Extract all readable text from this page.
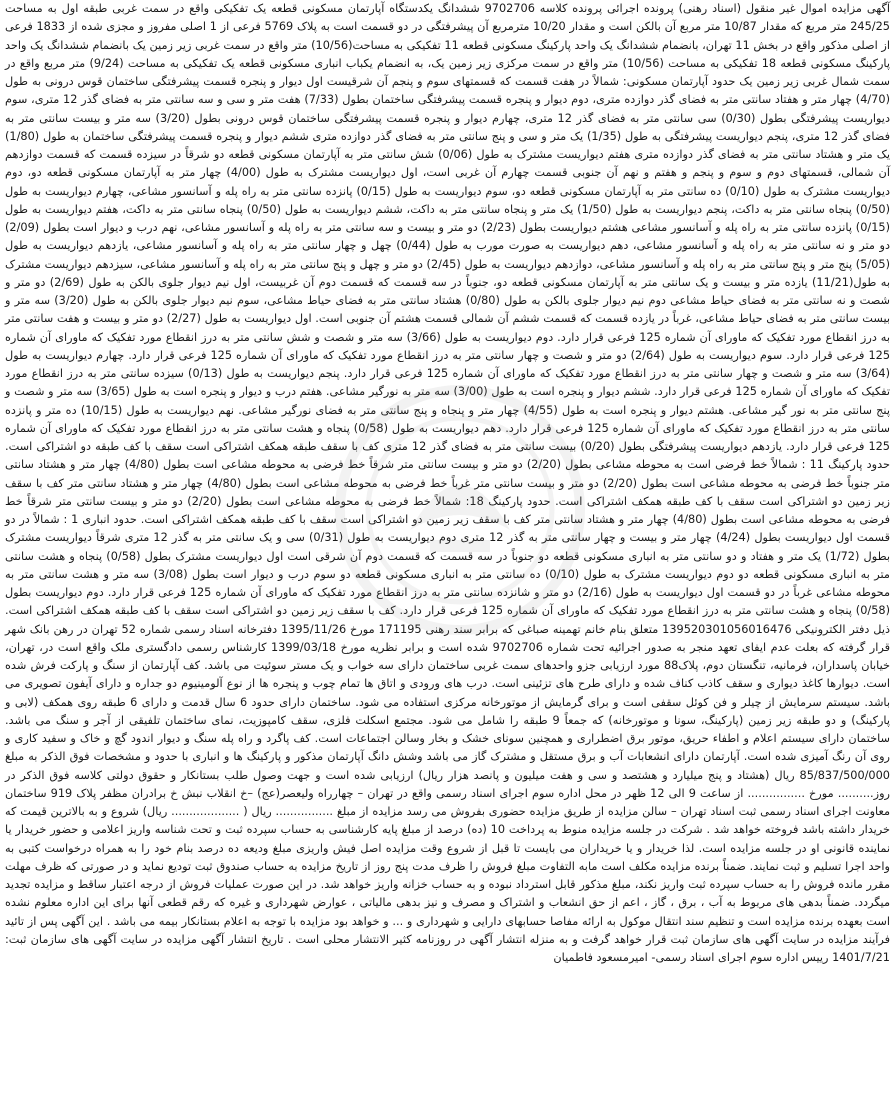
آگهی مزایده اموال غیر منقول (اسناد رهنی) پرونده اجرائی پرونده کلاسه 9702706 ششدانگ یکدستگاه آپارتمان مسکونی قطعه یک تفکیکی واقع در سمت غربی طبقه اول به مساحت 245/25 متر مربع که مقدار 10/87 متر مربع آن بالکن است و مقدار 10/20 مترمربع آن پیشرفتگی در دو قسمت است به پلاک 5769 فرعی از 1 اصلی مفروز و مجزی شده از 1833 فرعی از اصلی مذکور واقع در بخش 11 تهران، بانضمام ششدانگ یک واحد پارکینگ مسکونی قطعه 11 تفکیکی به مساحت(10/56) متر واقع در سمت غربی زیر زمین یک بانضمام ششدانگ یک واحد پارکینگ مسکونی قطعه 18 تفکیکی به مساحت (10/56) متر واقع در سمت مرکزی زیر زمین یک، به انضمام یکباب انباری مسکونی قطعه یک تفکیکی به مساحت (9/24) متر مربع واقع در سمت شمال غربی زیر زمین یک حدود آپارتمان مسکونی: شمالاً در هفت قسمت که قسمتهای سوم و پنجم آن شرقیست اول دیوار و پنجره قسمت پیشرفتگی ساختمان قوس درونی به طول (4/70) چهار متر و هفتاد سانتی متر به فضای گذر دوازده متری، دوم دیوار و پنجره قسمت پیشرفتگی ساختمان بطول (7/33) هفت متر و سی و سه سانتی متر به فضای گذر 12 متری، سوم دیواریست پیشرفتگی بطول (0/30) سی سانتی متر به فضای گذر 12 متری، چهارم دیوار و پنجره قسمت پیشرفتگی ساختمان قوس درونی بطول (3/20) سه متر و بیست سانتی متر به فضای گذر 12 متری، پنجم دیواریست پیشرفتگی به طول (1/35) یک متر و سی و پنج سانتی متر به فضای گذر دوازده متری ششم دیوار و پنجره قسمت پیشرفتگی ساختمان به طول (1/80) یک متر و هشتاد سانتی متر به فضای گذر دوازده متری هفتم دیواریست مشترک به طول (0/06) شش سانتی متر به آپارتمان مسکونی قطعه دو شرقاً در سیزده قسمت که قسمت دوازدهم آن شمالی، قسمتهای دوم و سوم و پنجم و هفتم و نهم آن جنوبی قسمت چهارم آن غربی است، اول دیواریست مشترک به طول (4/00) چهار متر به آپارتمان مسکونی قطعه دو، دوم دیواریست مشترک به طول (0/10) ده سانتی متر به آپارتمان مسکونی قطعه دو، سوم دیواریست به طول (0/15) پانزده سانتی متر به راه پله و آسانسور مشاعی، چهارم دیواریست به طول (0/50) پنجاه سانتی متر به داکت، پنجم دیواریست به طول (1/50) یک متر و پنجاه سانتی متر به داکت، ششم دیواریست به طول (0/50) پنجاه سانتی متر به داکت، هفتم دیواریست به طول (0/15) پانزده سانتی متر به راه پله و آسانسور مشاعی هشتم دیواریست بطول (2/23) دو متر و بیست و سه سانتی متر به راه پله و آسانسور مشاعی، نهم درب و دیوار است بطول (2/09) دو متر و نه سانتی متر به راه پله و آسانسور مشاعی، دهم دیواریست به صورت مورب به طول (0/44) چهل و چهار سانتی متر به راه پله و آسانسور مشاعی، یازدهم دیواریست به طول (5/05) پنج متر و پنج سانتی متر به راه پله و آسانسور مشاعی، دوازدهم دیواریست به طول (2/45) دو متر و چهل و پنج سانتی متر به راه پله و آسانسور مشاعی، سیزدهم دیواریست مشترک به طول(11/21) یازده متر و بیست و یک سانتی متر به آپارتمان مسکونی قطعه دو، جنوباً در سه قسمت که قسمت دوم آن غربیست، اول نیم دیوار جلوی بالکن به طول (2/69) دو متر و شصت و نه سانتی متر به فضای حیاط مشاعی دوم نیم دیوار جلوی بالکن به طول (0/80) هشتاد سانتی متر به فضای حیاط مشاعی، سوم نیم دیوار جلوی بالکن به طول (3/20) سه متر و بیست سانتی متر به فضای حیاط مشاعی، غرباً در یازده قسمت که قسمت ششم آن شمالی قسمت هشتم آن جنوبی است. اول دیواریست به طول (2/27) دو متر و بیست و هفت سانتی متر به درز انقطاع مورد تفکیک که ماورای آن شماره 125 فرعی قرار دارد. دوم دیواریست به طول (3/66) سه متر و شصت و شش سانتی متر به درز انقطاع مورد تفکیک که ماورای آن شماره 125 فرعی قرار دارد. سوم دیواریست به طول (2/64) دو متر و شصت و چهار سانتی متر به درز انقطاع مورد تفکیک که ماورای آن شماره 125 فرعی قرار دارد. چهارم دیواریست به طول (3/64) سه متر و شصت و چهار سانتی متر به درز انقطاع مورد تفکیک که ماورای آن شماره 125 فرعی قرار دارد. پنجم دیواریست به طول (0/13) سیزده سانتی متر به درز انقطاع مورد تفکیک که ماورای آن شماره 125 فرعی قرار دارد. ششم دیوار و پنجره است به طول (3/00) سه متر به نورگیر مشاعی. هفتم درب و دیوار و پنجره است به طول (3/65) سه متر و شصت و پنج سانتی متر به نور گیر مشاعی. هشتم دیوار و پنجره است به طول (4/55) چهار متر و پنجاه و پنج سانتی متر به فضای نورگیر مشاعی. نهم دیواریست به طول (10/15) ده متر و پانزده سانتی متر به درز انقطاع مورد تفکیک که ماورای آن شماره 125 فرعی قرار دارد. دهم دیواریست به طول (0/58) پنجاه و هشت سانتی متر به درز انقطاع مورد تفکیک که ماورای آن شماره 125 فرعی قرار دارد. یازدهم دیواریست پیشرفتگی بطول (0/20) بیست سانتی متر به فضای گذر 12 متری کف با سقف طبقه همکف اشتراکی است سقف با کف طبقه دو اشتراکی است. حدود پارکینگ 11 : شمالاً خط فرضی است به محوطه مشاعی بطول (2/20) دو متر و بیست سانتی متر شرقاً خط فرضی به محوطه مشاعی است بطول (4/80) چهار متر و هشتاد سانتی متر جنوباً خط فرضی به محوطه مشاعی است بطول (2/20) دو متر و بیست سانتی متر غرباً خط فرضی به محوطه مشاعی است بطول (4/80) چهار متر و هشتاد سانتی متر کف با سقف زیر زمین دو اشتراکی است سقف با کف طبقه همکف اشتراکی است. حدود پارکینگ 18: شمالاً خط فرضی به محوطه مشاعی است بطول (2/20) دو متر و بیست سانتی متر شرقاً خط فرضی به محوطه مشاعی است بطول (4/80) چهار متر و هشتاد سانتی متر کف با سقف زیر زمین دو اشتراکی است سقف با کف طبقه همکف اشتراکی است. حدود انباری 1 : شمالاً در دو قسمت اول دیواریست بطول (4/24) چهار متر و بیست و چهار سانتی متر به گذر 12 متری دوم دیواریست به طول (0/31) سی و یک سانتی متر به گذر 12 متری شرقاً دیواریست مشترک بطول (1/72) یک متر و هفتاد و دو سانتی متر به انباری مسکونی قطعه دو جنوباً در سه قسمت که قسمت دوم آن شرقی است اول دیواریست مشترک بطول (0/58) پنجاه و هشت سانتی متر به انباری مسکونی قطعه دو دوم دیواریست مشترک به طول (0/10) ده سانتی متر به انباری مسکونی قطعه دو سوم درب و دیوار است بطول (3/08) سه متر و هشت سانتی متر به محوطه مشاعی غرباً در دو قسمت اول دیواریست به طول (2/16) دو متر و شانزده سانتی متر به درز انقطاع مورد تفکیک که ماورای آن شماره 125 فرعی قرار دارد. دوم دیواریست بطول (0/58) پنجاه و هشت سانتی متر به درز انقطاع مورد تفکیک که ماورای آن شماره 125 فرعی قرار دارد. کف با سقف زیر زمین دو اشتراکی است سقف با کف طبقه همکف اشتراکی است. ذیل دفتر الکترونیکی 139520301056016476 متعلق بنام خانم تهمینه صباغی که برابر سند رهنی 171195 مورخ 1395/11/26 دفترخانه اسناد رسمی شماره 52 تهران در رهن بانک شهر قرار گرفته که بعلت عدم ایفای تعهد منجر به صدور اجرائیه تحت شماره 9702706 شده است و برابر نظریه مورخ 1399/03/18 کارشناس رسمی دادگستری ملک واقع است در، تهران، خیابان پاسداران، فرمانیه، تنگستان دوم، پلاک88 مورد ارزیابی جزو واحدهای سمت غربی ساختمان دارای سه خواب و یک مستر سوئیت می باشد. کف آپارتمان از سنگ و پارکت فرش شده است. دیوارها کاغذ دیواری و سقف کاذب کناف شده و دارای طرح های تزئینی است. درب های ورودی و اتاق ها تمام چوب و پنجره ها از نوع آلومینیوم دو جداره و دارای آیفون تصویری می باشد. سیستم سرمایش از چیلر و فن کوئل سقفی است و برای گرمایش از موتورخانه مرکزی استفاده می شود. ساختمان دارای حدود 6 سال قدمت و دارای 6 طبقه روی همکف (لابی و پارکینگ) و دو طبقه زیر زمین (پارکینگ، سونا و موتورخانه) که جمعاً 9 طبقه را شامل می شود. مجتمع اسکلت فلزی، سقف کامپوزیت، نمای ساختمان تلفیقی از آجر و سنگ می باشد. ساختمان دارای سیستم اعلام و اطفاء حریق، موتور برق اضطراری و همچنین سونای خشک و بخار وسالن اجتماعات است. کف پاگرد و راه پله سنگ و دیوار اندود گچ و خاک و سفید کاری و روی آن رنگ آمیزی شده است. آپارتمان دارای انشعابات آب و برق مستقل و مشترک گاز می باشد وشش دانگ آپارتمان مذکور و پارکینگ ها و انباری با حدود و مشخصات فوق الذکر به مبلغ 85/837/500/000 ریال (هشتاد و پنج میلیارد و هشتصد و سی و هفت میلیون و پانصد هزار ریال) ارزیابی شده است و جهت وصول طلب بستانکار و حقوق دولتی کلاسه فوق الذکر در روز.......... مورخ ................ از ساعت 9 الی 12 ظهر در محل اداره سوم اجرای اسناد رسمی واقع در تهران – چهارراه ولیعصر(عج) –خ انقلاب نبش خ برادران مظفر پلاک 919 ساختمان معاونت اجرای اسناد رسمی ثبت اسناد تهران – سالن مزایده از طریق مزایده حضوری بفروش می رسد مزایده از مبلغ ................ ریال ( ................... ریال) شروع و به بالاترین قیمت که خریدار داشته باشد فروخته خواهد شد . شرکت در جلسه مزایده منوط به پرداخت 10 (ده) درصد از مبلغ پایه کارشناسی به حساب سپرده ثبت و تحت شناسه واریز اعلامی و حضور خریدار یا نماینده قانونی او در جلسه مزایده است. لذا خریدار و یا خریداران می بایست تا قبل از شروع وقت مزایده اصل فیش واریزی مبلغ ودیعه ده درصد بنام خود را به همراه درخواست کتبی به واحد اجرا تسلیم و ثبت نمایند. ضمناً برنده مزایده مکلف است مابه التفاوت مبلغ فروش را ظرف مدت پنج روز از تاریخ مزایده به حساب صندوق ثبت تودیع نماید و در صورتی که ظرف مهلت مقرر مانده فروش را به حساب سپرده ثبت واریز نکند، مبلغ مذکور قابل استرداد نبوده و به حساب خزانه واریز خواهد شد. در این صورت عملیات فروش از درجه اعتبار ساقط و مزایده تجدید میگردد. ضمناً بدهی های مربوط به آب ، برق ، گاز ، اعم از حق انشعاب و اشتراک و مصرف و نیز بدهی مالیاتی ، عوارض شهرداری و غیره که رقم قطعی آنها برای این اداره معلوم نشده است بعهده برنده مزایده است و تنظیم سند انتقال موکول به ارائه مفاصا حسابهای دارایی و شهرداری و ... و خواهد بود مزایده با توجه به اعلام بستانکار بیمه می باشد . این آگهی پس از تائید فرآیند مزایده در سایت آگهی های سازمان ثبت قرار خواهد گرفت و به منزله انتشار آگهی در روزنامه کثیر الانتشار محلی است . تاریخ انتشار آگهی مزایده در سایت آگهی های سازمان ثبت: 1401/7/21 رییس اداره سوم اجرای اسناد رسمی- امیرمسعود فاطمیان
